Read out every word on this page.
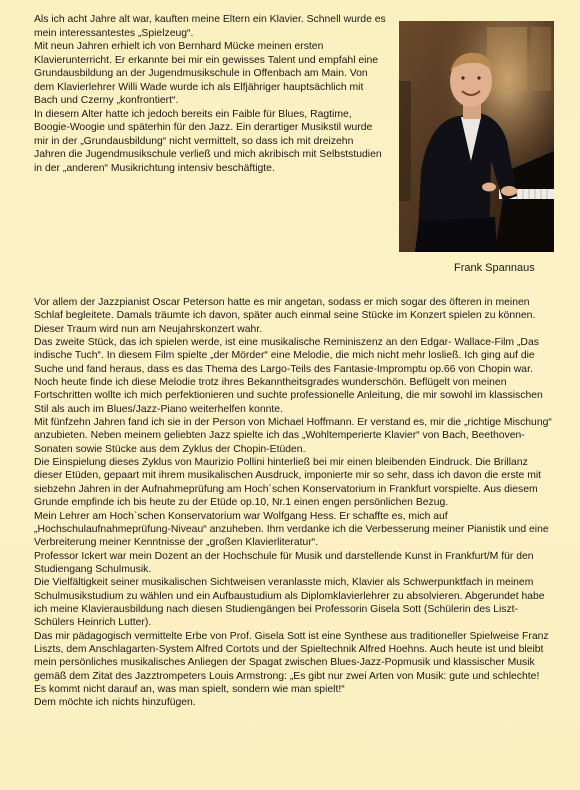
Als ich acht Jahre alt war, kauften meine Eltern ein Klavier. Schnell wurde es mein interessantestes „Spielzeug“.

Mit neun Jahren erhielt ich von Bernhard Mücke meinen ersten Klavierunterricht. Er erkannte bei mir ein gewisses Talent und empfahl eine Grundausbildung an der Jugendmusikschule in Offenbach am Main. Von dem Klavierlehrer Willi Wade wurde ich als Elfjähriger hauptsächlich mit Bach und Czerny „konfrontiert“.

In diesem Alter hatte ich jedoch bereits ein Faible für Blues, Ragtime, Boogie-Woogie und späterhin für den Jazz. Ein derartiger Musikstil wurde mir in der „Grundausbildung“ nicht vermittelt, so dass ich mit dreizehn Jahren die Jugendmusikschule verließ und mich akribisch mit Selbststudien in der „anderen“ Musikrichtung intensiv beschäftigte.

Frank Spannaus

Vor allem der Jazzpianist Oscar Peterson hatte es mir angetan, sodass er mich sogar des öfteren in meinen Schlaf begleitete. Damals träumte ich davon, später auch einmal seine Stücke im Konzert spielen zu können. Dieser Traum wird nun am Neujahrskonzert wahr.

Das zweite Stück, das ich spielen werde, ist eine musikalische Reminiszenz an den Edgar- Wallace-Film „Das indische Tuch“. In diesem Film spielte „der Mörder“ eine Melodie, die mich nicht mehr losließ. Ich ging auf die Suche und fand heraus, dass es das Thema des Largo-Teils des Fantasie-Impromptu op.66 von Chopin war. Noch heute finde ich diese Melodie trotz ihres Bekanntheitsgrades wunderschön. Beflügelt von meinen Fortschritten wollte ich mich perfektionieren und suchte professionelle Anleitung, die mir sowohl im klassischen Stil als auch im Blues/Jazz-Piano weiterhelfen konnte.

Mit fünfzehn Jahren fand ich sie in der Person von Michael Hoffmann. Er verstand es, mir die „richtige Mischung“ anzubieten. Neben meinem geliebten Jazz spielte ich das „Wohltemperierte Klavier“ von Bach, Beethoven-Sonaten sowie Stücke aus dem Zyklus der Chopin-Etüden.

Die Einspielung dieses Zyklus von Maurizio Pollini hinterließ bei mir einen bleibenden Eindruck. Die Brillanz dieser Etüden, gepaart mit ihrem musikalischen Ausdruck, imponierte mir so sehr, dass ich davon die erste mit siebzehn Jahren in der Aufnahmeprüfung am Hoch´schen Konservatorium in Frankfurt vorspielte. Aus diesem Grunde empfinde ich bis heute zu der Etüde op.10, Nr.1 einen engen persönlichen Bezug.

Mein Lehrer am Hoch`schen Konservatorium war Wolfgang Hess. Er schaffte es, mich auf „Hochschulaufnahmeprüfung-Niveau“ anzuheben. Ihm verdanke ich die Verbesserung meiner Pianistik und eine Verbreiterung meiner Kenntnisse der „großen Klavierliteratur“.

Professor Ickert war mein Dozent an der Hochschule für Musik und darstellende Kunst in Frankfurt/M für den Studiengang Schulmusik.

Die Vielfältigkeit seiner musikalischen Sichtweisen veranlasste mich, Klavier als Schwerpunktfach in meinem Schulmusikstudium zu wählen und ein Aufbaustudium als Diplomklavierlehrer zu absolvieren. Abgerundet habe ich meine Klavierausbildung nach diesen Studiengängen bei Professorin Gisela Sott (Schülerin des Liszt-Schülers Heinrich Lutter).

Das mir pädagogisch vermittelte Erbe von Prof. Gisela Sott ist eine Synthese aus traditioneller Spielweise Franz Liszts, dem Anschlagarten-System Alfred Cortots und der Spieltechnik Alfred Hoehns. Auch heute ist und bleibt mein persönliches musikalisches Anliegen der Spagat zwischen Blues-Jazz-Popmusik und klassischer Musik gemäß dem Zitat des Jazztrompeters Louis Armstrong: „Es gibt nur zwei Arten von Musik: gute und schlechte! Es kommt nicht darauf an, was man spielt, sondern wie man spielt!“

Dem möchte ich nichts hinzufügen.
